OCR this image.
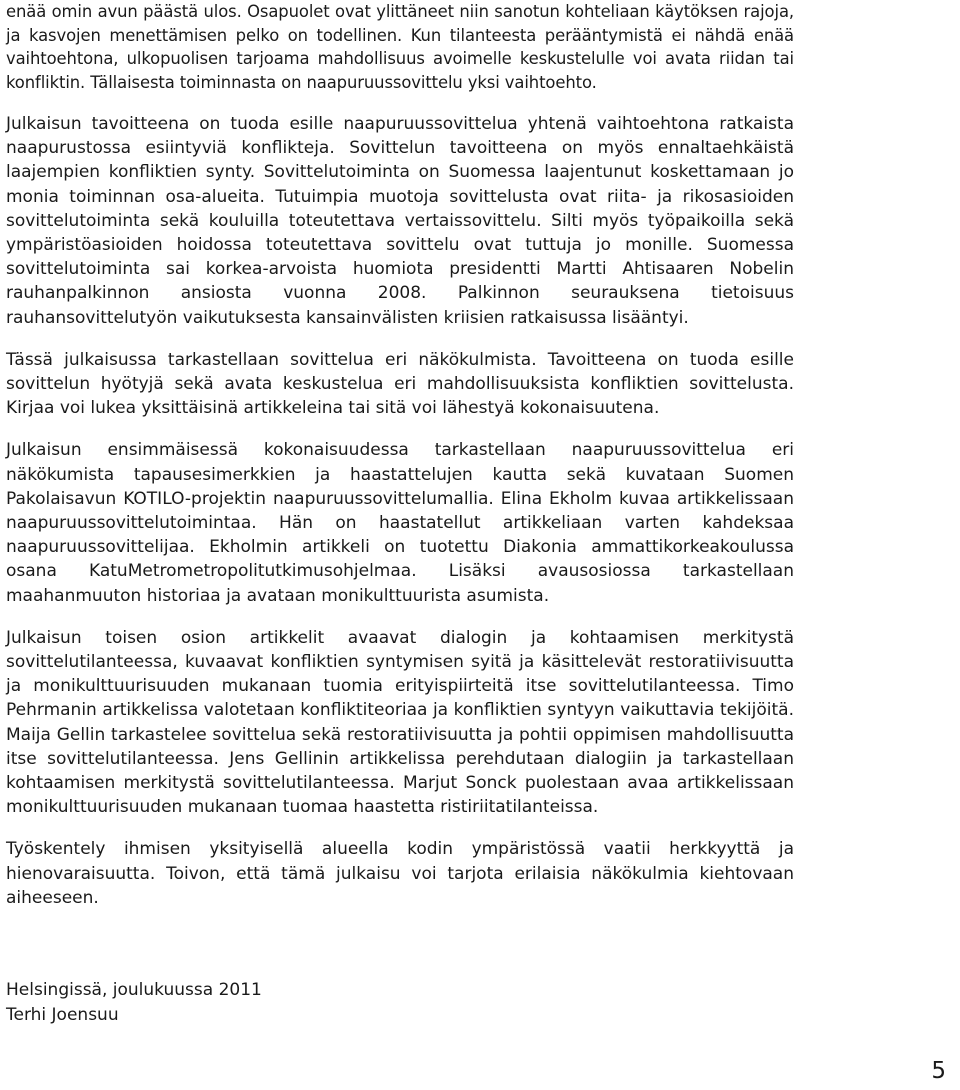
enää omin avun päästä ulos. Osapuolet ovat ylittäneet niin sanotun kohteliaan käytöksen rajoja, ja kasvojen menettämisen pelko on todellinen. Kun tilanteesta perääntymistä ei nähdä enää vaihtoehtona, ulkopuolisen tarjoama mahdollisuus avoimelle keskustelulle voi avata riidan tai konfliktin. Tällaisesta toiminnasta on naapuruussovittelu yksi vaihtoehto.

Julkaisun tavoitteena on tuoda esille naapuruussovittelua yhtenä vaihtoehtona ratkaista naapurustossa esiintyviä konflikteja. Sovittelun tavoitteena on myös ennaltaehkäistä laajempien konfliktien synty. Sovittelutoiminta on Suomessa laajentunut koskettamaan jo monia toiminnan osa-alueita. Tutuimpia muotoja sovittelusta ovat riita- ja rikosasioiden sovittelutoiminta sekä kouluilla toteutettava vertaissovittelu. Silti myös työpaikoilla sekä ympäristöasioiden hoidossa toteutettava sovittelu ovat tuttuja jo monille. Suomessa sovittelutoiminta sai korkea-arvoista huomiota presidentti Martti Ahtisaaren Nobelin rauhanpalkinnon ansiosta vuonna 2008. Palkinnon seurauksena tietoisuus rauhansovittelutyön vaikutuksesta kansainvälisten kriisien ratkaisussa lisääntyi.

Tässä julkaisussa tarkastellaan sovittelua eri näkökulmista. Tavoitteena on tuoda esille sovittelun hyötyjä sekä avata keskustelua eri mahdollisuuksista konfliktien sovittelusta. Kirjaa voi lukea yksittäisinä artikkeleina tai sitä voi lähestyä kokonaisuutena.

Julkaisun ensimmäisessä kokonaisuudessa tarkastellaan naapuruussovittelua eri näkökumista tapausesimerkkien ja haastattelujen kautta sekä kuvataan Suomen Pakolaisavun KOTILO-projektin naapuruussovittelumallia. Elina Ekholm kuvaa artikkelissaan naapuruussovittelutoimintaa. Hän on haastatellut artikkeliaan varten kahdeksaa naapuruussovittelijaa. Ekholmin artikkeli on tuotettu Diakonia ammattikorkeakoulussa osana KatuMetrometropolitutkimusohjelmaa. Lisäksi avausosiossa tarkastellaan maahanmuuton historiaa ja avataan monikulttuurista asumista.

Julkaisun toisen osion artikkelit avaavat dialogin ja kohtaamisen merkitystä sovittelutilanteessa, kuvaavat konfliktien syntymisen syitä ja käsittelevät restoratiivisuutta ja monikulttuurisuuden mukanaan tuomia erityispiirteitä itse sovittelutilanteessa. Timo Pehrmanin artikkelissa valotetaan konfliktiteoriaa ja konfliktien syntyyn vaikuttavia tekijöitä. Maija Gellin tarkastelee sovittelua sekä restoratiivisuutta ja pohtii oppimisen mahdollisuutta itse sovittelutilanteessa. Jens Gellinin artikkelissa perehdutaan dialogiin ja tarkastellaan kohtaamisen merkitystä sovittelutilanteessa. Marjut Sonck puolestaan avaa artikkelissaan monikulttuurisuuden mukanaan tuomaa haastetta ristiriitatilanteissa.

Työskentely ihmisen yksityisellä alueella kodin ympäristössä vaatii herkkyyttä ja hienovaraisuutta. Toivon, että tämä julkaisu voi tarjota erilaisia näkökulmia kiehtovaan aiheeseen.

Helsingissä, joulukuussa 2011
Terhi Joensuu
5
